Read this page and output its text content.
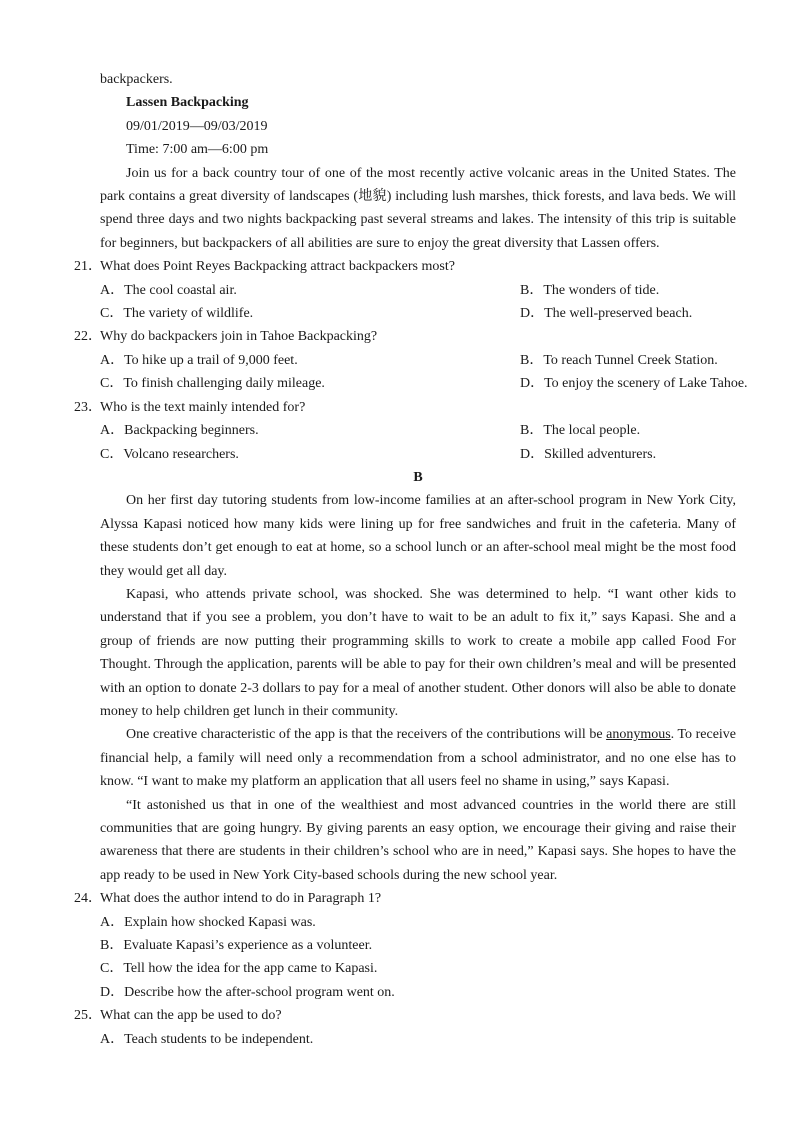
backpackers.

Lassen Backpacking

09/01/2019—09/03/2019

Time: 7:00 am—6:00 pm

Join us for a back country tour of one of the most recently active volcanic areas in the United States. The park contains a great diversity of landscapes (地貌) including lush marshes, thick forests, and lava beds. We will spend three days and two nights backpacking past several streams and lakes. The intensity of this trip is suitable for beginners, but backpackers of all abilities are sure to enjoy the great diversity that Lassen offers.

21．
What does Point Reyes Backpacking attract backpackers most?
A．The cool coastal air.	B．The wonders of tide.
C．The variety of wildlife.	D．The well-preserved beach.
22．
Why do backpackers join in Tahoe Backpacking?
A．To hike up a trail of 9,000 feet.	B．To reach Tunnel Creek Station.
C．To finish challenging daily mileage.	D．To enjoy the scenery of Lake Tahoe.
23．
Who is the text mainly intended for?
A．Backpacking beginners.	B．The local people.
C．Volcano researchers.	D．Skilled adventurers.

B

On her first day tutoring students from low-income families at an after-school program in New York City, Alyssa Kapasi noticed how many kids were lining up for free sandwiches and fruit in the cafeteria. Many of these students don’t get enough to eat at home, so a school lunch or an after-school meal might be the most food they would get all day.

Kapasi, who attends private school, was shocked. She was determined to help. “I want other kids to understand that if you see a problem, you don’t have to wait to be an adult to fix it,” says Kapasi. She and a group of friends are now putting their programming skills to work to create a mobile app called Food For Thought. Through the application, parents will be able to pay for their own children’s meal and will be presented with an option to donate 2-3 dollars to pay for a meal of another student. Other donors will also be able to donate money to help children get lunch in their community.

One creative characteristic of the app is that the receivers of the contributions will be anonymous. To receive financial help, a family will need only a recommendation from a school administrator, and no one else has to know. “I want to make my platform an application that all users feel no shame in using,” says Kapasi.

“It astonished us that in one of the wealthiest and most advanced countries in the world there are still communities that are going hungry. By giving parents an easy option, we encourage their giving and raise their awareness that there are students in their children’s school who are in need,” Kapasi says. She hopes to have the app ready to be used in New York City-based schools during the new school year.

24．
What does the author intend to do in Paragraph 1?
A．Explain how shocked Kapasi was.
B．Evaluate Kapasi’s experience as a volunteer.
C．Tell how the idea for the app came to Kapasi.
D．Describe how the after-school program went on.
25．
What can the app be used to do?
A．Teach students to be independent.
